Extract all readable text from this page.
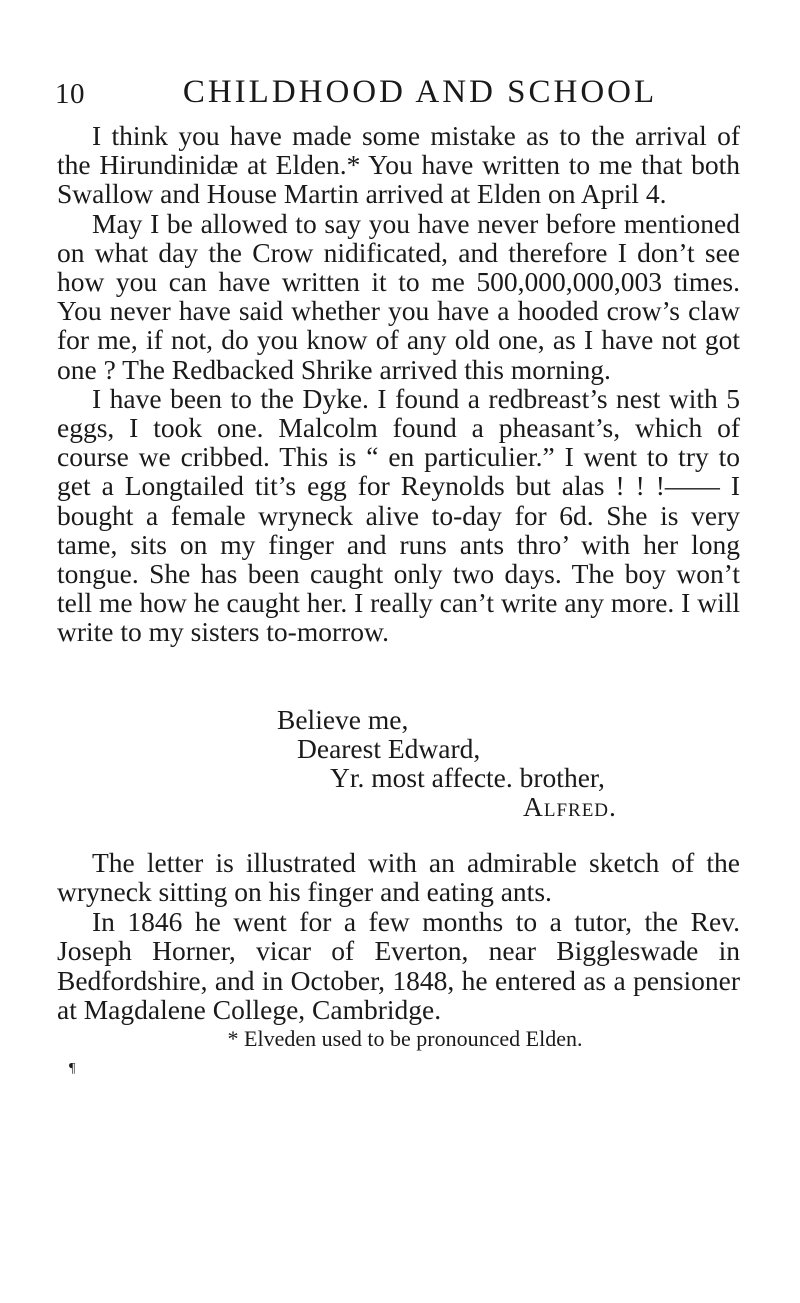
10	CHILDHOOD AND SCHOOL

I think you have made some mistake as to the arrival of the Hirundinidæ at Elden.* You have written to me that both Swallow and House Martin arrived at Elden on April 4.

May I be allowed to say you have never before mentioned on what day the Crow nidificated, and therefore I don’t see how you can have written it to me 500,000,000,003 times. You never have said whether you have a hooded crow’s claw for me, if not, do you know of any old one, as I have not got one ? The Redbacked Shrike arrived this morning.

I have been to the Dyke. I found a redbreast’s nest with 5 eggs, I took one. Malcolm found a pheasant’s, which of course we cribbed. This is “ en particulier.” I went to try to get a Longtailed tit’s egg for Reynolds but alas ! ! !—— I bought a female wryneck alive to-day for 6d. She is very tame, sits on my finger and runs ants thro’ with her long tongue. She has been caught only two days. The boy won’t tell me how he caught her. I really can’t write any more. I will write to my sisters to-morrow.

Believe me,
Dearest Edward,
Yr. most affecte. brother,
Alfred.

The letter is illustrated with an admirable sketch of the wryneck sitting on his finger and eating ants.

In 1846 he went for a few months to a tutor, the Rev. Joseph Horner, vicar of Everton, near Biggleswade in Bedfordshire, and in October, 1848, he entered as a pensioner at Magdalene College, Cambridge.

* Elveden used to be pronounced Elden.
¶
